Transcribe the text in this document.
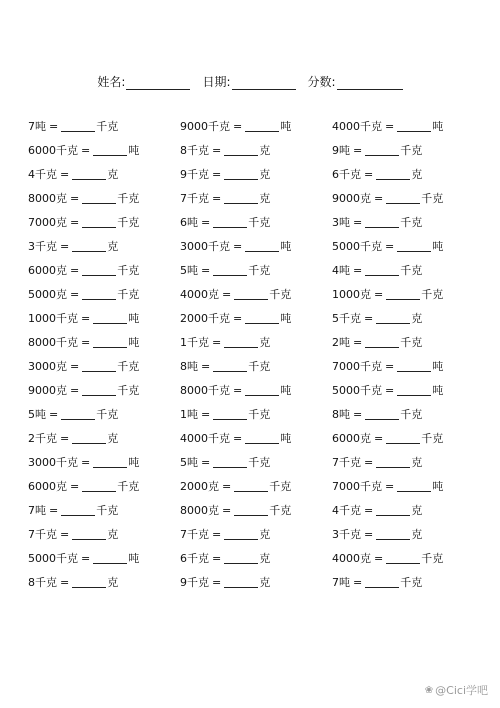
姓名:	日期:	分数:
7吨 =	千克
6000千克 =	吨
4千克 =	克
8000克 =	千克
7000克 =	千克
3千克 =	克
6000克 =	千克
5000克 =	千克
1000千克 =	吨
8000千克 =	吨
3000克 =	千克
9000克 =	千克
5吨 =	千克
2千克 =	克
3000千克 =	吨
6000克 =	千克
7吨 =	千克
7千克 =	克
5000千克 =	吨
8千克 =	克
9000千克 =	吨
8千克 =	克
9千克 =	克
7千克 =	克
6吨 =	千克
3000千克 =	吨
5吨 =	千克
4000克 =	千克
2000千克 =	吨
1千克 =	克
8吨 =	千克
8000千克 =	吨
1吨 =	千克
4000千克 =	吨
5吨 =	千克
2000克 =	千克
8000克 =	千克
7千克 =	克
6千克 =	克
9千克 =	克
4000千克 =	吨
9吨 =	千克
6千克 =	克
9000克 =	千克
3吨 =	千克
5000千克 =	吨
4吨 =	千克
1000克 =	千克
5千克 =	克
2吨 =	千克
7000千克 =	吨
5000千克 =	吨
8吨 =	千克
6000克 =	千克
7千克 =	克
7000千克 =	吨
4千克 =	克
3千克 =	克
4000克 =	千克
7吨 =	千克
❀ @Cici学吧
